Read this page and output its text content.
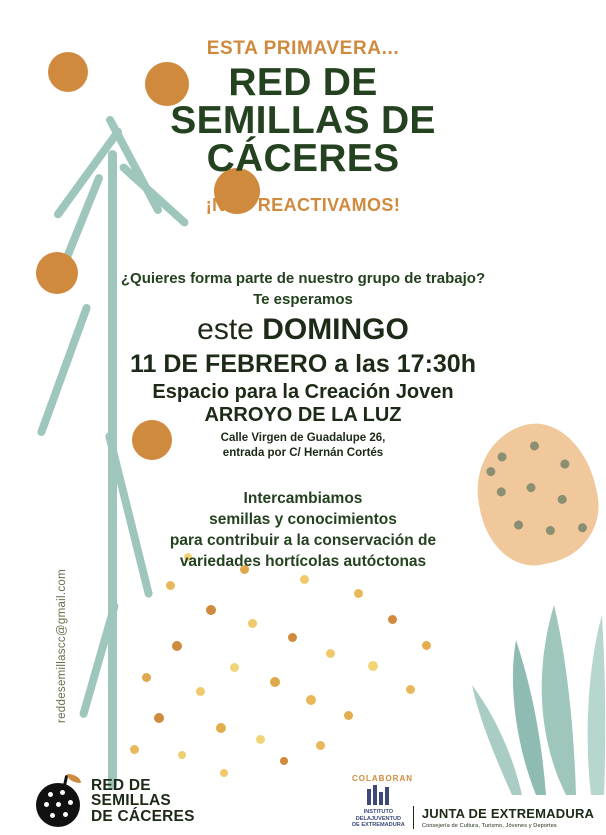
ESTA PRIMAVERA...
RED DE
SEMILLAS DE
CÁCERES
¡NOS REACTIVAMOS!
¿Quieres forma parte de nuestro grupo de trabajo?
Te esperamos
este DOMINGO
11 DE FEBRERO a las 17:30h
Espacio para la Creación Joven
ARROYO DE LA LUZ
Calle Virgen de Guadalupe 26,
entrada por C/ Hernán Cortés
Intercambiamos
semillas y conocimientos
para contribuir a la conservación de
variedades hortícolas autóctonas
reddesemillascc@gmail.com
RED DE
SEMILLAS
DE CÁCERES
COLABORAN
INSTITUTO
DELAJUVENTUD
DE EXTREMADURA
JUNTA DE EXTREMADURA
Consejería de Cultura, Turismo, Jóvenes y Deportes
